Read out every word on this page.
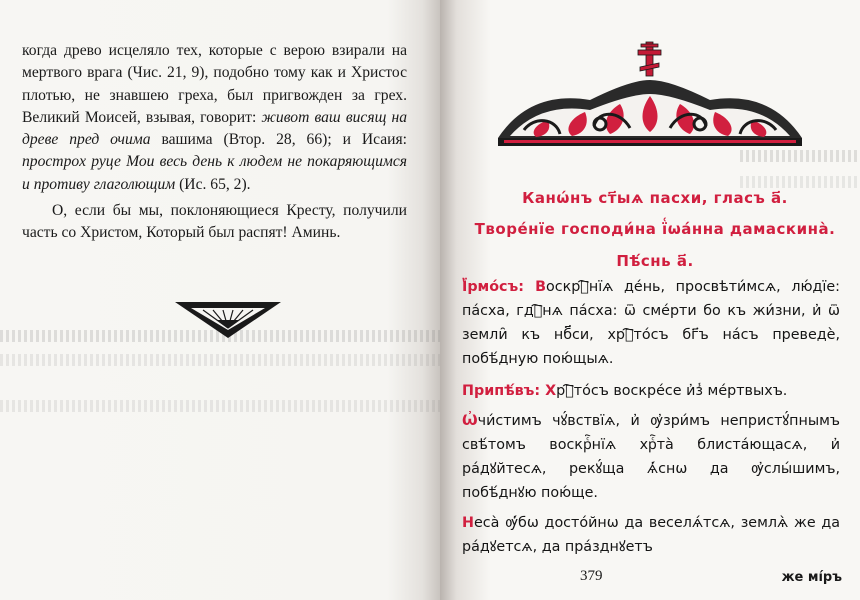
когда древо исцеляло тех, которые с верою взирали на мертвого врага (Чис. 21, 9), подобно тому как и Христос плотью, не знавшею греха, был пригвожден за грех. Великий Моисей, взывая, говорит: живот ваш висящ на древе пред очима вашима (Втор. 28, 66); и Исаия: простроx руце Мои весь день к людем не покаряющимся и противу глаголющим (Ис. 65, 2).

О, если бы мы, поклоняющиеся Кресту, получили часть со Христом, Который был распят! Аминь.

Канѡ́нъ ст҃ыѧ пасхи, гласъ а҃.
Творе́нїе господи́на ї͑ѡа́нна дамаскина̀.
Пѣ́снь а҃.

Ї͑рмо́съ: Воскрⷭ҇нїѧ де́нь, просвѣти́мсѧ, лю́дїе: па́сха, гдⷭ҇нѧ па́сха: ѿ сме́рти бо къ жи́зни, и҆ ѿ земли̑ къ нб҃си, хрⷭ҇то́съ бг҃ъ на́съ преведѐ, побѣ́дную пою́щыѧ.

Припѣ́въ: Хрⷭ҇то́съ воскре́се и҆з̾ ме́ртвыхъ.

Ѡ҆чи́стимъ чꙋ́вствїѧ, и҆ ѹ҆зри́мъ непристꙋ́пнымъ свѣ́томъ воскрⷭ҇нїѧ хрⷭ҇та̀ блиста́ющасѧ, и҆ ра́дꙋйтесѧ, рекꙋ́ща ѧ҆́снѡ да ѹ҆слы́шимъ, побѣ́днꙋю пою́ще.

Неса̀ ѹ҆́бѡ досто́йнѡ да веселѧ́тсѧ, землѧ̀ же да ра́дꙋетсѧ, да пра́зднꙋетъ

379	же мі́ръ
